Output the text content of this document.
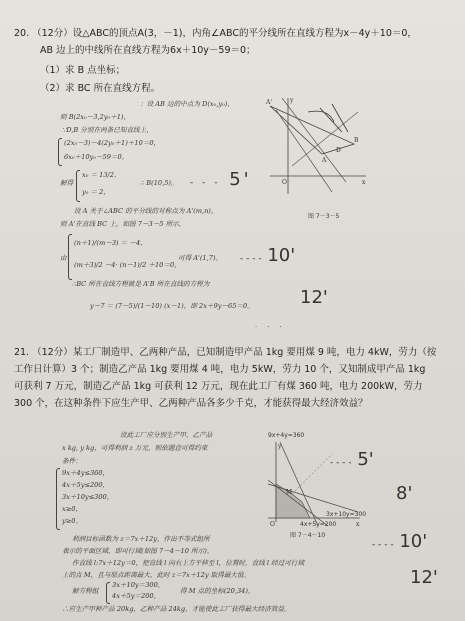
20. （12分）设△ABC的顶点A(3，－1)，内角∠ABC的平分线所在直线方程为x－4y＋10＝0，
AB 边上的中线所在直线方程为6x＋10y－59＝0；
（1）求 B 点坐标；
（2）求 BC 所在直线方程。
：设 AB 边的中点为 D(x₀,y₀)，
则 B(2x₀－3,2y₀＋1)，
∵D,B 分别在两条已知直线上，
(2x₀－3)－4(2y₀＋1)＋10＝0，
6x₀＋10y₀－59＝0。
解得
x₀ ＝ 13/2，
y₀ ＝ 2，
∴ B(10,5)。 - - - 5'
设 A 关于∠ABC 的平分线的对称点为 A'(m,n)，
则 A'在直线 BC 上，如图 7－3－5 所示，
由
(n＋1)/(m－3) ＝ －4，
(m＋3)/2 －4· (n－1)/2 ＋10＝0，
可得 A'(1,7)。 - - - - 10'
∴BC 所在直线方程就是 A'B 所在直线的方程为
y－7 ＝ (7－5)/(1－10) (x－1)，即 2x＋9y－65＝0。	12'
. . .
y
x
O
A
B
A'
D
图 7－3－5
21. （12分）某工厂制造甲、乙两种产品，已知制造甲产品 1kg 要用煤 9 吨，电力 4kW，劳力（按
工作日计算）3 个；制造乙产品 1kg 要用煤 4 吨，电力 5kW，劳力 10 个，又知制成甲产品 1kg
可获利 7 万元，制造乙产品 1kg 可获利 12 万元，现在此工厂有煤 360 吨，电力 200kW，劳力
300 个，在这种条件下应生产甲、乙两种产品各多少千克，才能获得最大经济效益？
设此工厂应分别生产甲、乙产品
x kg, y kg，可得利润 z 万元，则依题意可得约束
条件：
9x＋4y≤360，
4x＋5y≤200，
3x＋10y≤300，
x≥0，
y≥0。
利润目标函数为 z＝7x＋12y，作出不等式组所
表示的平面区域，即可行域(如图 7－4－10 所示)。
作直线 l:7x＋12y＝0，把直线 l 向右上方平移至 l，位置时，直线 l 经过可行域
上的点 M，且与原点距离最大，此时 z＝7x＋12y 取得最大值。
解方程组
3x＋10y＝300，
4x＋5y＝200，
得 M 点的坐标(20,34)。
∴应生产甲种产品 20kg，乙种产品 24kg，才能使此工厂获得最大经济效益。
9x+4y=360
y
x
O
M
3x+10y=300
4x+5y=200
图 7－4－10
- - - - 5'
8'
- - - - 10'
12'
